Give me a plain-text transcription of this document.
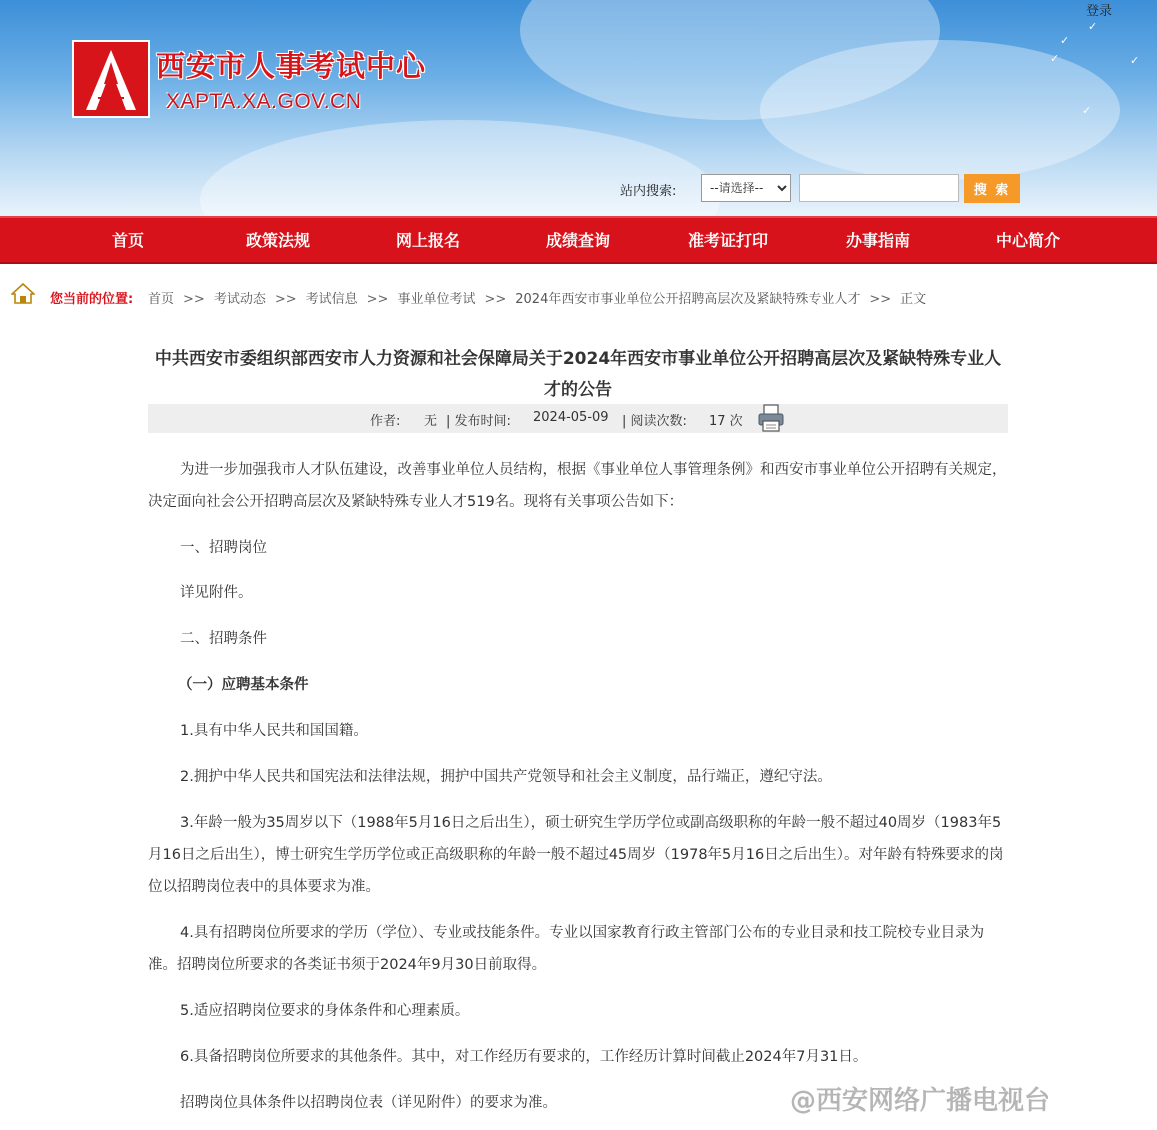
✓
✓
✓
✓
✓
登录
西安市人事考试中心
XAPTA.XA.GOV.CN
站内搜索:
--请选择--	搜 索
首页	政策法规	网上报名	成绩查询	准考证打印	办事指南	中心简介
您当前的位置: 首页 >> 考试动态 >> 考试信息 >> 事业单位考试 >> 2024年西安市事业单位公开招聘高层次及紧缺特殊专业人才 >> 正文
中共西安市委组织部西安市人力资源和社会保障局关于2024年西安市事业单位公开招聘高层次及紧缺特殊专业人才的公告
作者: 无 | 发布时间: 2024-05-09 | 阅读次数: 17 次

为进一步加强我市人才队伍建设，改善事业单位人员结构，根据《事业单位人事管理条例》和西安市事业单位公开招聘有关规定，决定面向社会公开招聘高层次及紧缺特殊专业人才519名。现将有关事项公告如下：

一、招聘岗位

详见附件。

二、招聘条件

（一）应聘基本条件

1.具有中华人民共和国国籍。

2.拥护中华人民共和国宪法和法律法规，拥护中国共产党领导和社会主义制度，品行端正，遵纪守法。

3.年龄一般为35周岁以下（1988年5月16日之后出生），硕士研究生学历学位或副高级职称的年龄一般不超过40周岁（1983年5月16日之后出生），博士研究生学历学位或正高级职称的年龄一般不超过45周岁（1978年5月16日之后出生）。对年龄有特殊要求的岗位以招聘岗位表中的具体要求为准。

4.具有招聘岗位所要求的学历（学位）、专业或技能条件。专业以国家教育行政主管部门公布的专业目录和技工院校专业目录为准。招聘岗位所要求的各类证书须于2024年9月30日前取得。

5.适应招聘岗位要求的身体条件和心理素质。

6.具备招聘岗位所要求的其他条件。其中，对工作经历有要求的，工作经历计算时间截止2024年7月31日。

招聘岗位具体条件以招聘岗位表（详见附件）的要求为准。	@西安网络广播电视台
